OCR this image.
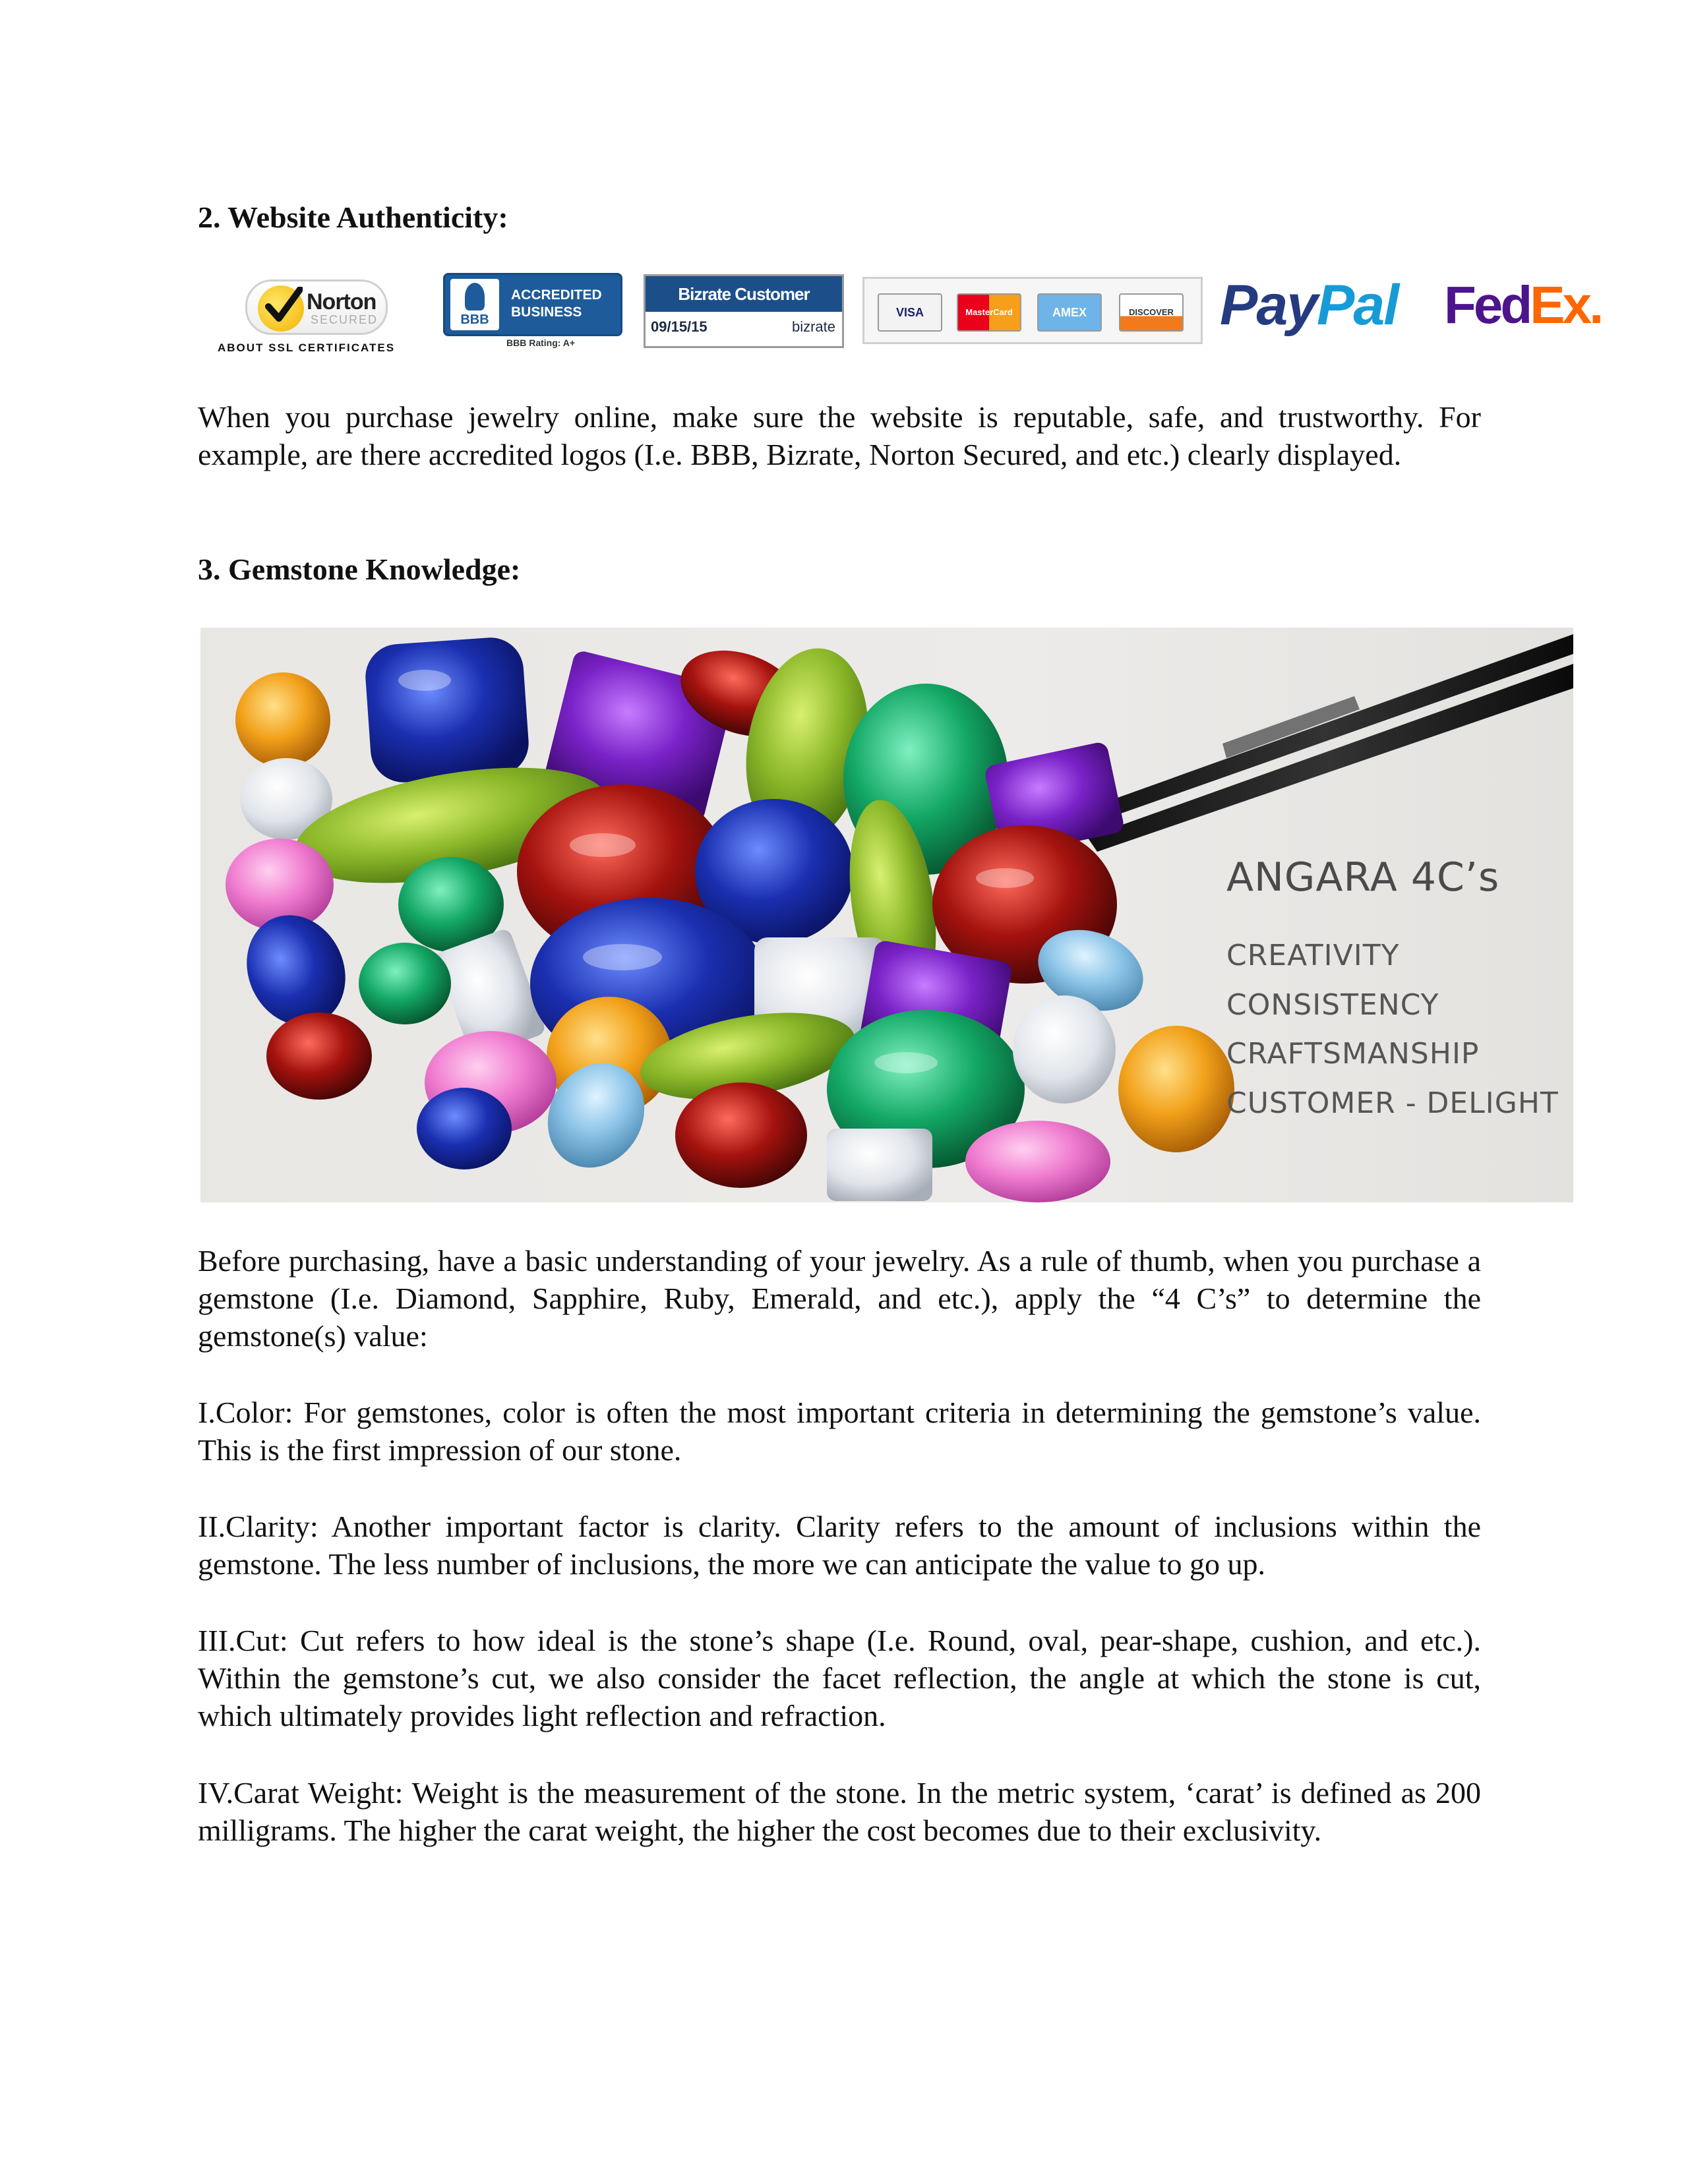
2. Website Authenticity:
Norton
SECURED
ABOUT SSL CERTIFICATES
BBB
ACCREDITED
BUSINESS
BBB Rating: A+
Bizrate Customer Certified
09/15/15	bizrate
VISA	MasterCard	AMEX	DISCOVER PayPal FedEx.

When you purchase jewelry online, make sure the website is reputable, safe, and trustworthy. For example, are there accredited logos (I.e. BBB, Bizrate, Norton Secured, and etc.) clearly displayed.

3. Gemstone Knowledge:
ANGARA 4C’s
CREATIVITY
CONSISTENCY
CRAFTSMANSHIP
CUSTOMER - DELIGHT

Before purchasing, have a basic understanding of your jewelry. As a rule of thumb, when you purchase a gemstone (I.e. Diamond, Sapphire, Ruby, Emerald, and etc.), apply the “4 C’s” to determine the gemstone(s) value:

I.Color: For gemstones, color is often the most important criteria in determining the gemstone’s value. This is the first impression of our stone.

II.Clarity: Another important factor is clarity. Clarity refers to the amount of inclusions within the gemstone. The less number of inclusions, the more we can anticipate the value to go up.

III.Cut: Cut refers to how ideal is the stone’s shape (I.e. Round, oval, pear-shape, cushion, and etc.). Within the gemstone’s cut, we also consider the facet reflection, the angle at which the stone is cut, which ultimately provides light reflection and refraction.

IV.Carat Weight: Weight is the measurement of the stone. In the metric system, ‘carat’ is defined as 200 milligrams. The higher the carat weight, the higher the cost becomes due to their exclusivity.
